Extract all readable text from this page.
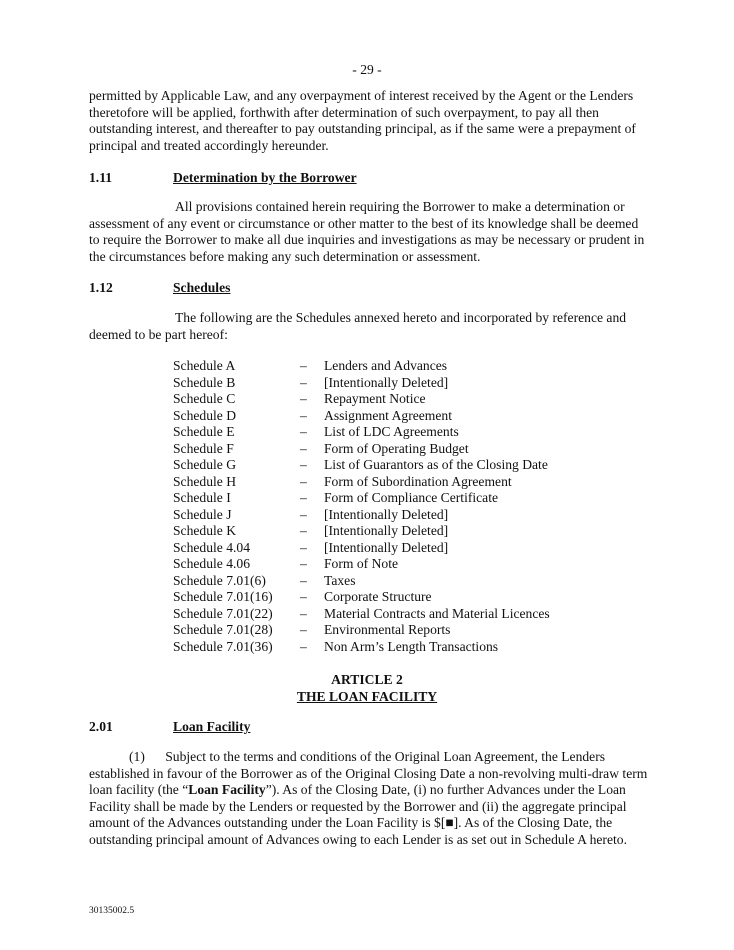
- 29 -

permitted by Applicable Law, and any overpayment of interest received by the Agent or the Lenders theretofore will be applied, forthwith after determination of such overpayment, to pay all then outstanding interest, and thereafter to pay outstanding principal, as if the same were a prepayment of principal and treated accordingly hereunder.

1.11	Determination by the Borrower

All provisions contained herein requiring the Borrower to make a determination or assessment of any event or circumstance or other matter to the best of its knowledge shall be deemed to require the Borrower to make all due inquiries and investigations as may be necessary or prudent in the circumstances before making any such determination or assessment.

1.12	Schedules

The following are the Schedules annexed hereto and incorporated by reference and deemed to be part hereof:

Schedule A	– Lenders and Advances
Schedule B	– [Intentionally Deleted]
Schedule C	– Repayment Notice
Schedule D	– Assignment Agreement
Schedule E	– List of LDC Agreements
Schedule F	– Form of Operating Budget
Schedule G	– List of Guarantors as of the Closing Date
Schedule H	– Form of Subordination Agreement
Schedule I	– Form of Compliance Certificate
Schedule J	– [Intentionally Deleted]
Schedule K	– [Intentionally Deleted]
Schedule 4.04	– [Intentionally Deleted]
Schedule 4.06	– Form of Note
Schedule 7.01(6)	– Taxes
Schedule 7.01(16) – Corporate Structure
Schedule 7.01(22) – Material Contracts and Material Licences
Schedule 7.01(28) – Environmental Reports
Schedule 7.01(36) – Non Arm’s Length Transactions
ARTICLE 2
THE LOAN FACILITY
2.01	Loan Facility

(1)      Subject to the terms and conditions of the Original Loan Agreement, the Lenders established in favour of the Borrower as of the Original Closing Date a non-revolving multi-draw term loan facility (the “Loan Facility”). As of the Closing Date, (i) no further Advances under the Loan Facility shall be made by the Lenders or requested by the Borrower and (ii) the aggregate principal amount of the Advances outstanding under the Loan Facility is $[■]. As of the Closing Date, the outstanding principal amount of Advances owing to each Lender is as set out in Schedule A hereto.

30135002.5
